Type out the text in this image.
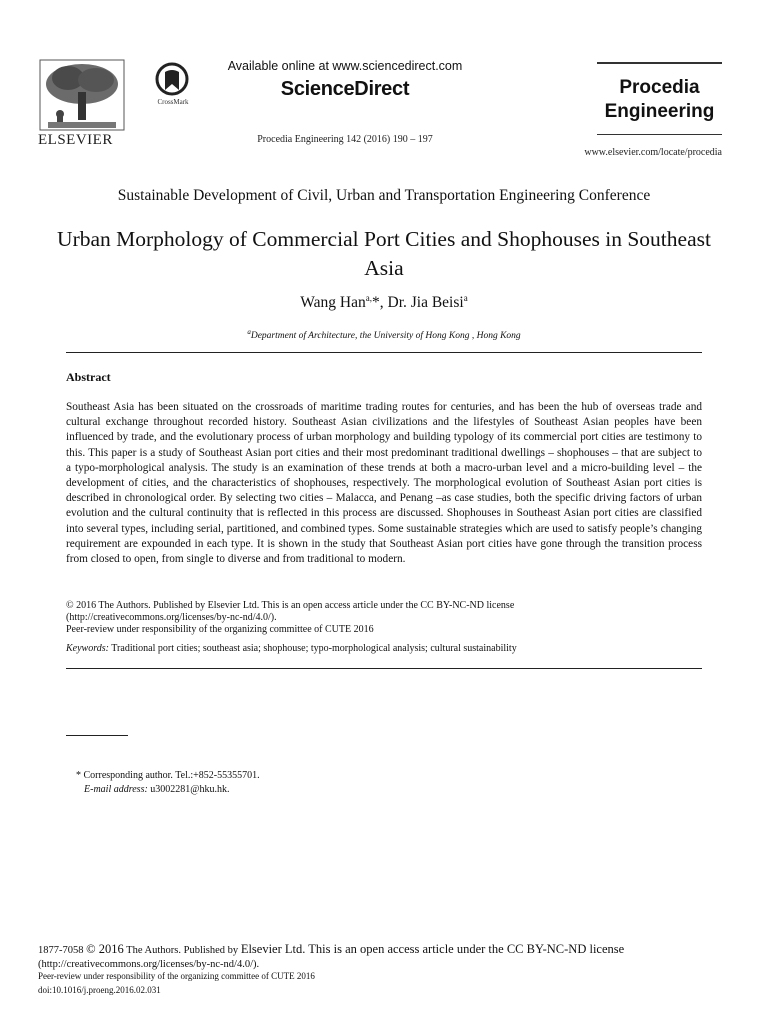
ELSEVIER
CrossMark
Available online at www.sciencedirect.com
ScienceDirect
Procedia Engineering 142 (2016) 190 – 197
Procedia
Engineering
www.elsevier.com/locate/procedia
Sustainable Development of Civil, Urban and Transportation Engineering Conference
Urban Morphology of Commercial Port Cities and Shophouses in Southeast Asia
Wang Han$^{a,}$*, Dr. Jia Beisi$^a$
$^a$Department of Architecture, the University of Hong Kong , Hong Kong
Abstract
Southeast Asia has been situated on the crossroads of maritime trading routes for centuries, and has been the hub of overseas trade and cultural exchange throughout recorded history. Southeast Asian civilizations and the lifestyles of Southeast Asian peoples have been influenced by trade, and the evolutionary process of urban morphology and building typology of its commercial port cities are testimony to this. This paper is a study of Southeast Asian port cities and their most predominant traditional dwellings – shophouses – that are subject to a typo-morphological analysis. The study is an examination of these trends at both a macro-urban level and a micro-building level – the development of cities, and the characteristics of shophouses, respectively. The morphological evolution of Southeast Asian port cities is described in chronological order. By selecting two cities – Malacca, and Penang –as case studies, both the specific driving factors of urban evolution and the cultural continuity that is reflected in this process are discussed. Shophouses in Southeast Asian port cities are classified into several types, including serial, partitioned, and combined types. Some sustainable strategies which are used to satisfy people’s changing requirement are expounded in each type. It is shown in the study that Southeast Asian port cities have gone through the transition process from closed to open, from single to diverse and from traditional to modern.
© 2016 The Authors. Published by Elsevier Ltd. This is an open access article under the CC BY-NC-ND license
(http://creativecommons.org/licenses/by-nc-nd/4.0/).
Peer-review under responsibility of the organizing committee of CUTE 2016
Keywords: Traditional port cities; southeast asia; shophouse; typo-morphological analysis; cultural sustainability
* Corresponding author. Tel.:+852-55355701.
E-mail address: u3002281@hku.hk.
1877-7058 © 2016 The Authors. Published by Elsevier Ltd. This is an open access article under the CC BY-NC-ND license
(http://creativecommons.org/licenses/by-nc-nd/4.0/).
Peer-review under responsibility of the organizing committee of CUTE 2016
doi:10.1016/j.proeng.2016.02.031
